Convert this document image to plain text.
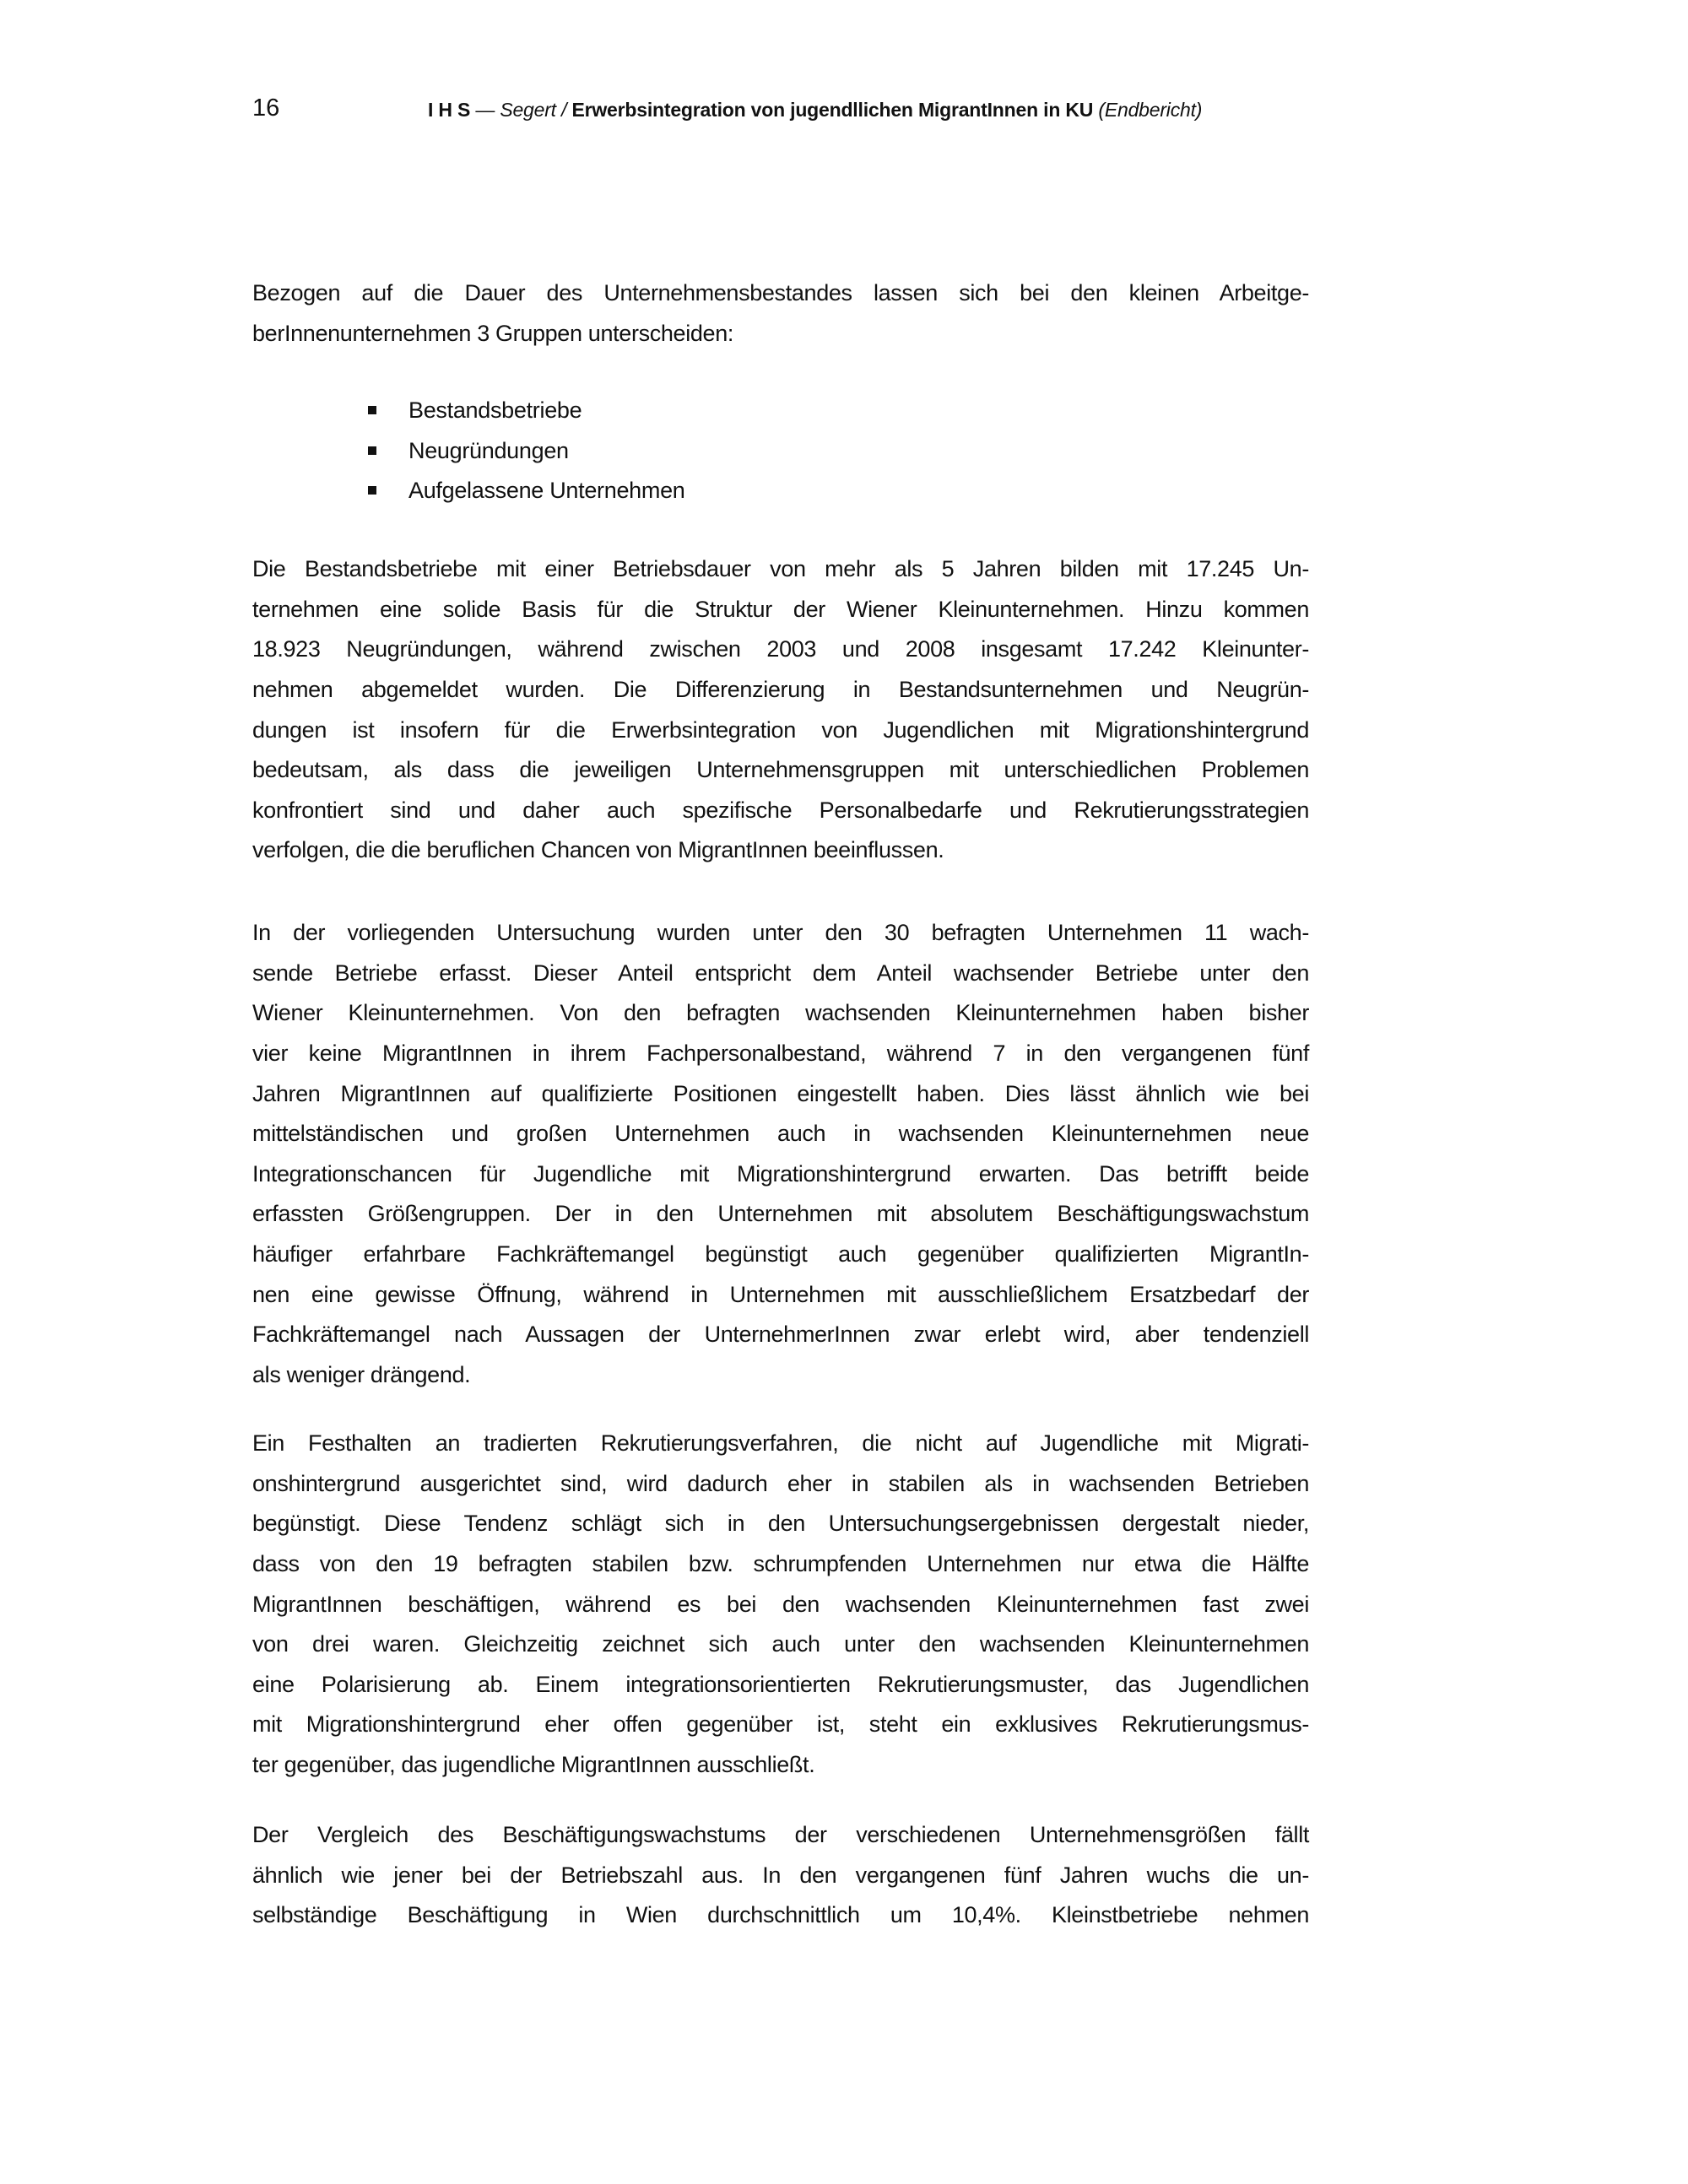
16	I H S — Segert / Erwerbsintegration von jugendllichen MigrantInnen in KU (Endbericht)
Bezogen auf die Dauer des Unternehmensbestandes lassen sich bei den kleinen Arbeitge-
berInnenunternehmen 3 Gruppen unterscheiden:
Die Bestandsbetriebe mit einer Betriebsdauer von mehr als 5 Jahren bilden mit 17.245 Un-
ternehmen eine solide Basis für die Struktur der Wiener Kleinunternehmen. Hinzu kommen
18.923 Neugründungen, während zwischen 2003 und 2008 insgesamt 17.242 Kleinunter-
nehmen abgemeldet wurden. Die Differenzierung in Bestandsunternehmen und Neugrün-
dungen ist insofern für die Erwerbsintegration von Jugendlichen mit Migrationshintergrund
bedeutsam, als dass die jeweiligen Unternehmensgruppen mit unterschiedlichen Problemen
konfrontiert sind und daher auch spezifische Personalbedarfe und Rekrutierungsstrategien
verfolgen, die die beruflichen Chancen von MigrantInnen beeinflussen.
In der vorliegenden Untersuchung wurden unter den 30 befragten Unternehmen 11 wach-
sende Betriebe erfasst. Dieser Anteil entspricht dem Anteil wachsender Betriebe unter den
Wiener Kleinunternehmen. Von den befragten wachsenden Kleinunternehmen haben bisher
vier keine MigrantInnen in ihrem Fachpersonalbestand, während 7 in den vergangenen fünf
Jahren MigrantInnen auf qualifizierte Positionen eingestellt haben. Dies lässt ähnlich wie bei
mittelständischen und großen Unternehmen auch in wachsenden Kleinunternehmen neue
Integrationschancen für Jugendliche mit Migrationshintergrund erwarten. Das betrifft beide
erfassten Größengruppen. Der in den Unternehmen mit absolutem Beschäftigungswachstum
häufiger erfahrbare Fachkräftemangel begünstigt auch gegenüber qualifizierten MigrantIn-
nen eine gewisse Öffnung, während in Unternehmen mit ausschließlichem Ersatzbedarf der
Fachkräftemangel nach Aussagen der UnternehmerInnen zwar erlebt wird, aber tendenziell
als weniger drängend.
Ein Festhalten an tradierten Rekrutierungsverfahren, die nicht auf Jugendliche mit Migrati-
onshintergrund ausgerichtet sind, wird dadurch eher in stabilen als in wachsenden Betrieben
begünstigt. Diese Tendenz schlägt sich in den Untersuchungsergebnissen dergestalt nieder,
dass von den 19 befragten stabilen bzw. schrumpfenden Unternehmen nur etwa die Hälfte
MigrantInnen beschäftigen, während es bei den wachsenden Kleinunternehmen fast zwei
von drei waren. Gleichzeitig zeichnet sich auch unter den wachsenden Kleinunternehmen
eine Polarisierung ab. Einem integrationsorientierten Rekrutierungsmuster, das Jugendlichen
mit Migrationshintergrund eher offen gegenüber ist, steht ein exklusives Rekrutierungsmus-
ter gegenüber, das jugendliche MigrantInnen ausschließt.
Der Vergleich des Beschäftigungswachstums der verschiedenen Unternehmensgrößen fällt
ähnlich wie jener bei der Betriebszahl aus. In den vergangenen fünf Jahren wuchs die un-
selbständige Beschäftigung in Wien durchschnittlich um 10,4%. Kleinstbetriebe nehmen
Bestandsbetriebe
Neugründungen
Aufgelassene Unternehmen
